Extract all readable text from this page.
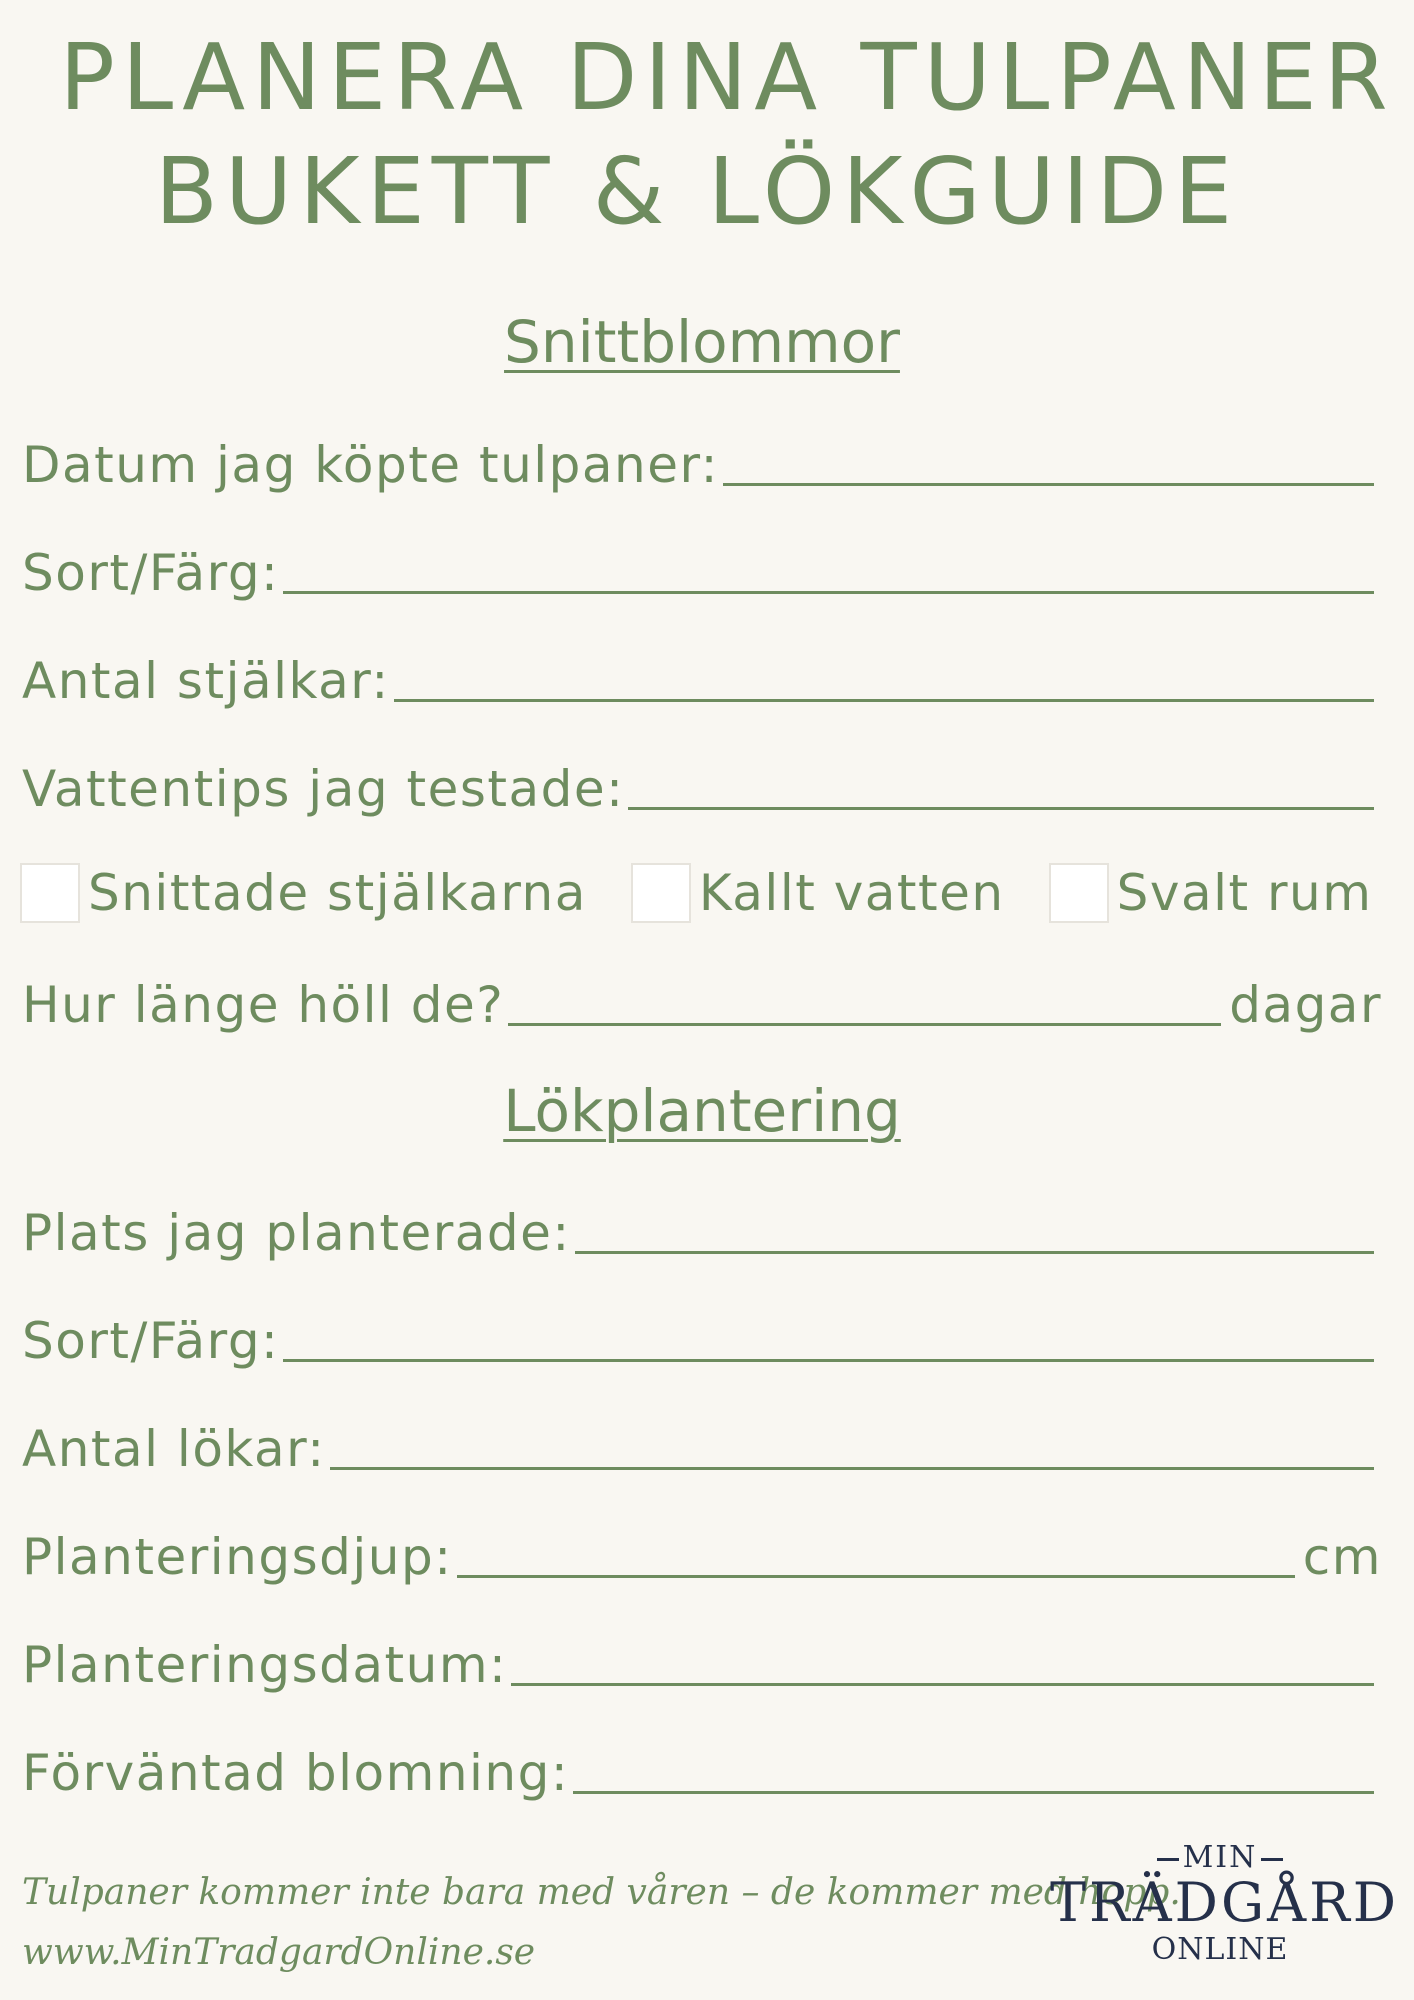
PLANERA DINA TULPANER
BUKETT & LÖKGUIDE
Snittblommor
Datum jag köpte tulpaner:
Sort/Färg:
Antal stjälkar:
Vattentips jag testade:
Snittade stjälkarna Kallt vatten Svalt rum
Hur länge höll de?	dagar
Lökplantering
Plats jag planterade:
Sort/Färg:
Antal lökar:
Planteringsdjup:	cm
Planteringsdatum:
Förväntad blomning:

Tulpaner kommer inte bara med våren – de kommer med hopp.

www.MinTradgardOnline.se

MIN
TRÄDGÅRD
ONLINE
